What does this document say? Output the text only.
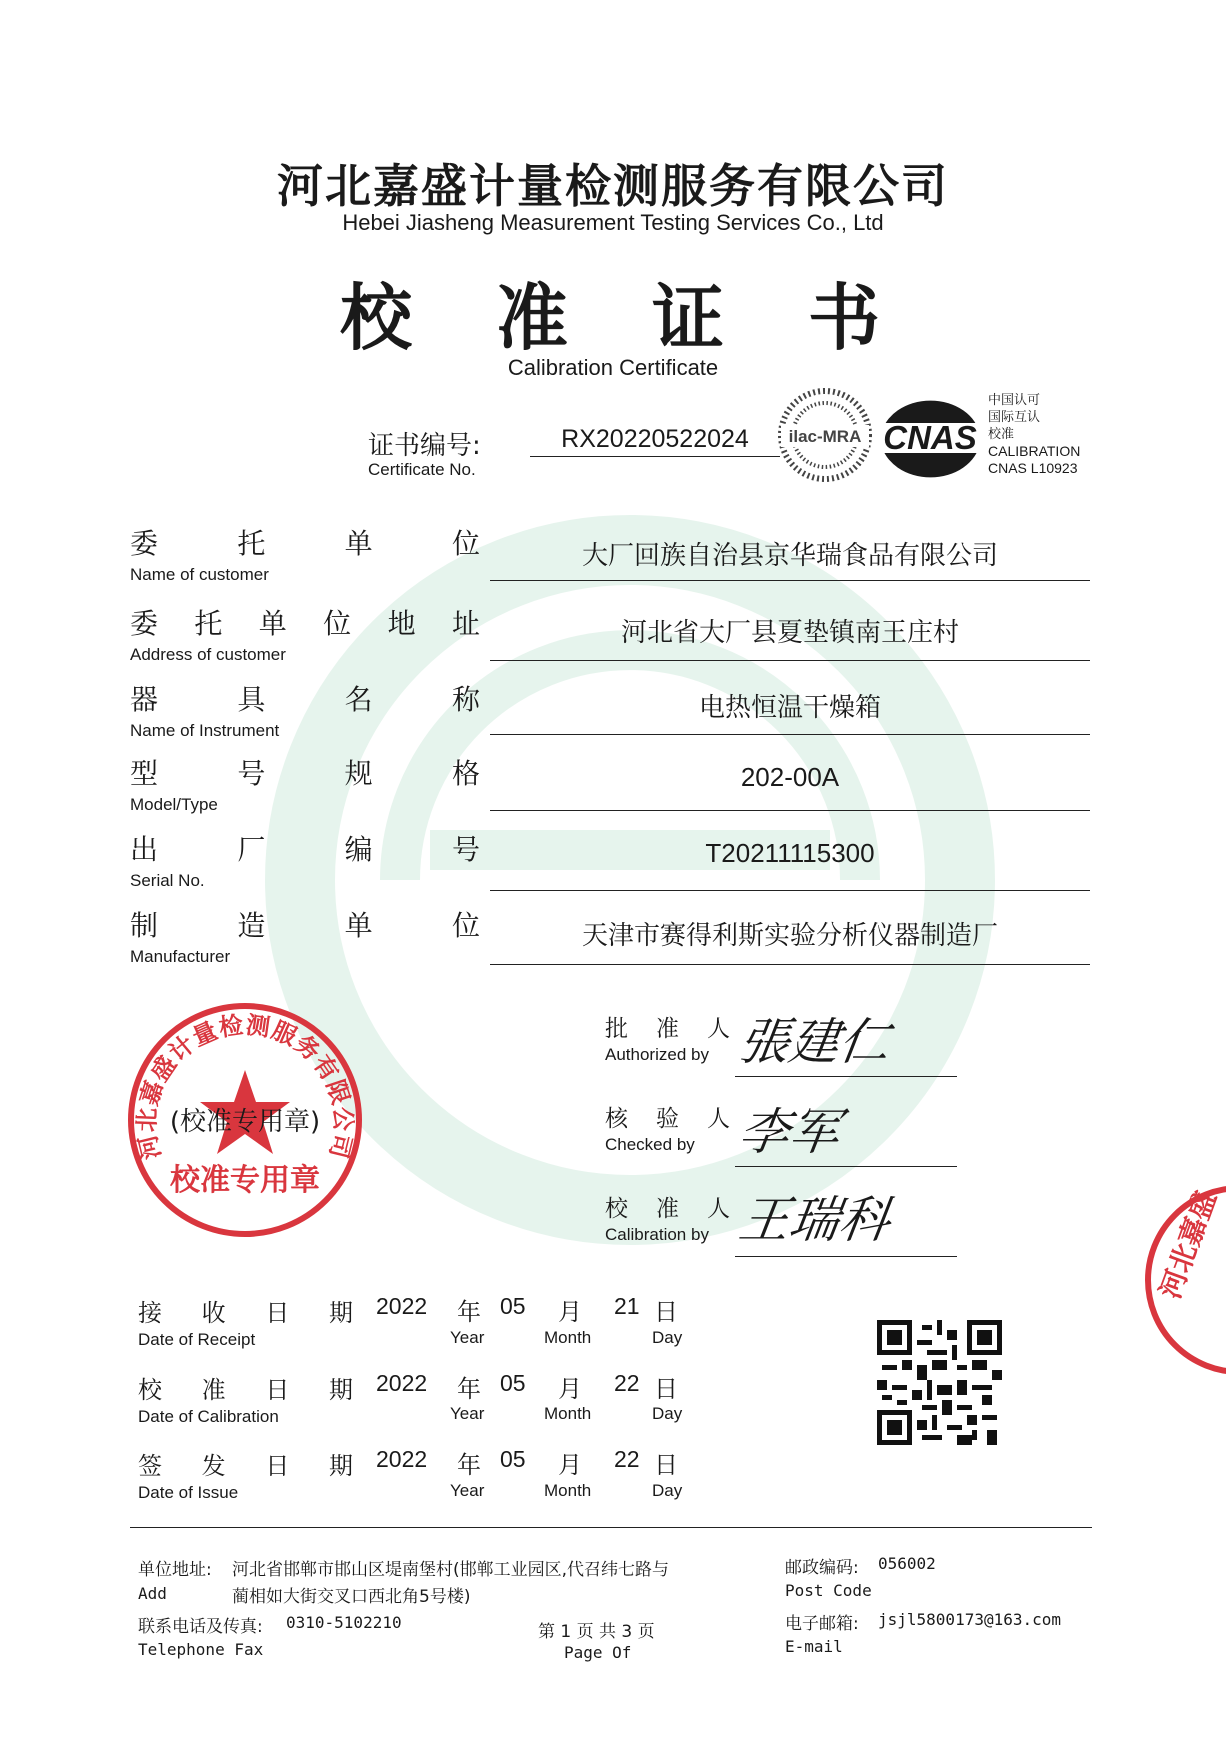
河北嘉盛计量检测服务有限公司
Hebei Jiasheng Measurement Testing Services Co., Ltd
校 准 证 书
Calibration Certificate
证书编号:
Certificate No.
RX20220522024	ilac-MRA CNAS
中国认可
国际互认
校准
CALIBRATION
CNAS L10923
委	托	单	位
Name of customer
大厂回族自治县京华瑞食品有限公司
委 托 单 位 地 址
Address of customer
河北省大厂县夏垫镇南王庄村
器	具	名	称
Name of Instrument
电热恒温干燥箱
型	号	规	格
Model/Type
202-00A
出	厂	编	号
Serial No.
T20211115300
制	造	单	位
Manufacturer
天津市赛得利斯实验分析仪器制造厂
河北嘉盛计量检测服务有限公司
(校准专用章)
校准专用章
河北嘉盛
批 准 人
Authorized by 張建仁
核 验 人
Checked by 李军
校 准 人
Calibration by 王瑞科
接 收 日 期
Date of Receipt
2022 年 05 月 21 日
Year	Month	Day
校 准 日 期
Date of Calibration
2022 年 05 月 22 日
Year	Month	Day
签 发 日 期
Date of Issue
2022 年 05 月 22 日
Year	Month	Day
单位地址: 河北省邯郸市邯山区堤南堡村(邯郸工业园区,代召纬七路与
Add	蔺相如大街交叉口西北角5号楼)
联系电话及传真: 0310-5102210
Telephone Fax
第 1 页 共 3 页
Page Of
邮政编码: 056002
Post Code
电子邮箱: jsjl5800173@163.com
E-mail
